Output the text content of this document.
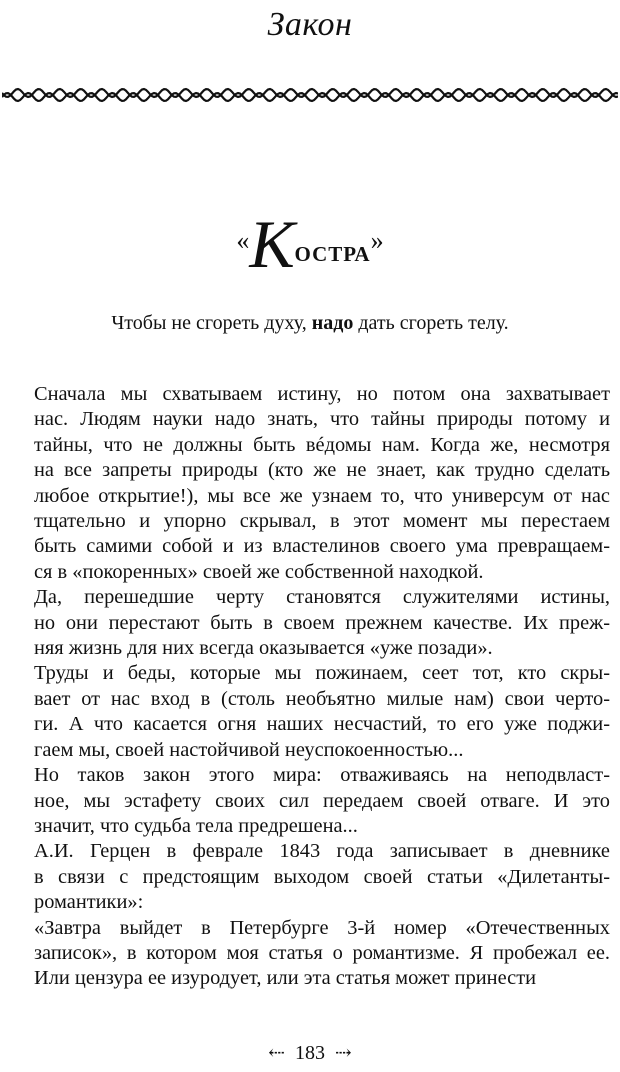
Закон
«Костра»
Чтобы не сгореть духу, надо дать сгореть телу.
Сначала мы схватываем истину, но потом она захватывает
нас. Людям науки надо знать, что тайны природы потому и
тайны, что не должны быть вéдомы нам. Когда же, несмотря
на все запреты природы (кто же не знает, как трудно сделать
любое открытие!), мы все же узнаем то, что универсум от нас
тщательно и упорно скрывал, в этот момент мы перестаем
быть самими собой и из властелинов своего ума превращаем-
ся в «покоренных» своей же собственной находкой.
Да, перешедшие черту становятся служителями истины,
но они перестают быть в своем прежнем качестве. Их преж-
няя жизнь для них всегда оказывается «уже позади».
Труды и беды, которые мы пожинаем, сеет тот, кто скры-
вает от нас вход в (столь необъятно милые нам) свои черто-
ги. А что касается огня наших несчастий, то его уже поджи-
гаем мы, своей настойчивой неуспокоенностью...
Но таков закон этого мира: отваживаясь на неподвласт-
ное, мы эстафету своих сил передаем своей отваге. И это
значит, что судьба тела предрешена...
А.И. Герцен в феврале 1843 года записывает в дневнике
в связи с предстоящим выходом своей статьи «Дилетанты-
романтики»:
«Завтра выйдет в Петербурге 3-й номер «Отечественных
записок», в котором моя статья о романтизме. Я пробежал ее.
Или цензура ее изуродует, или эта статья может принести
⇠ 183 ⇢
